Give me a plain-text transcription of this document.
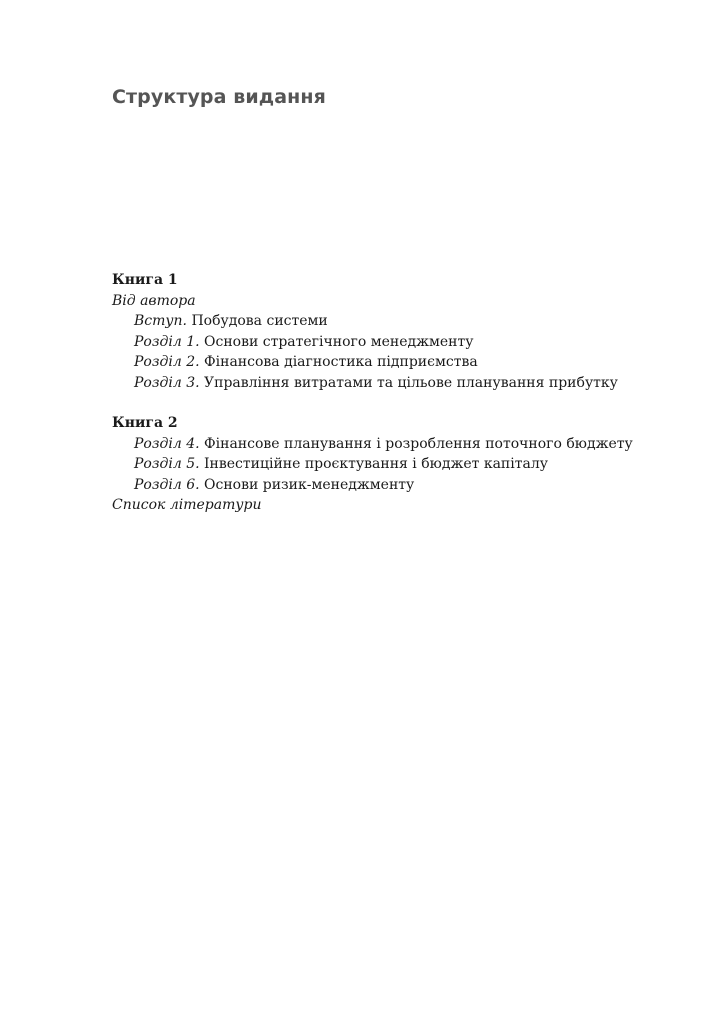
Структура видання
Книга 1
Від автора
Вступ. Побудова системи
Розділ 1. Основи стратегічного менеджменту
Розділ 2. Фінансова діагностика підприємства
Розділ 3. Управління витратами та цільове планування прибутку
Книга 2
Розділ 4. Фінансове планування і розроблення поточного бюджету
Розділ 5. Інвестиційне проєктування і бюджет капіталу
Розділ 6. Основи ризик-менеджменту
Список літератури
